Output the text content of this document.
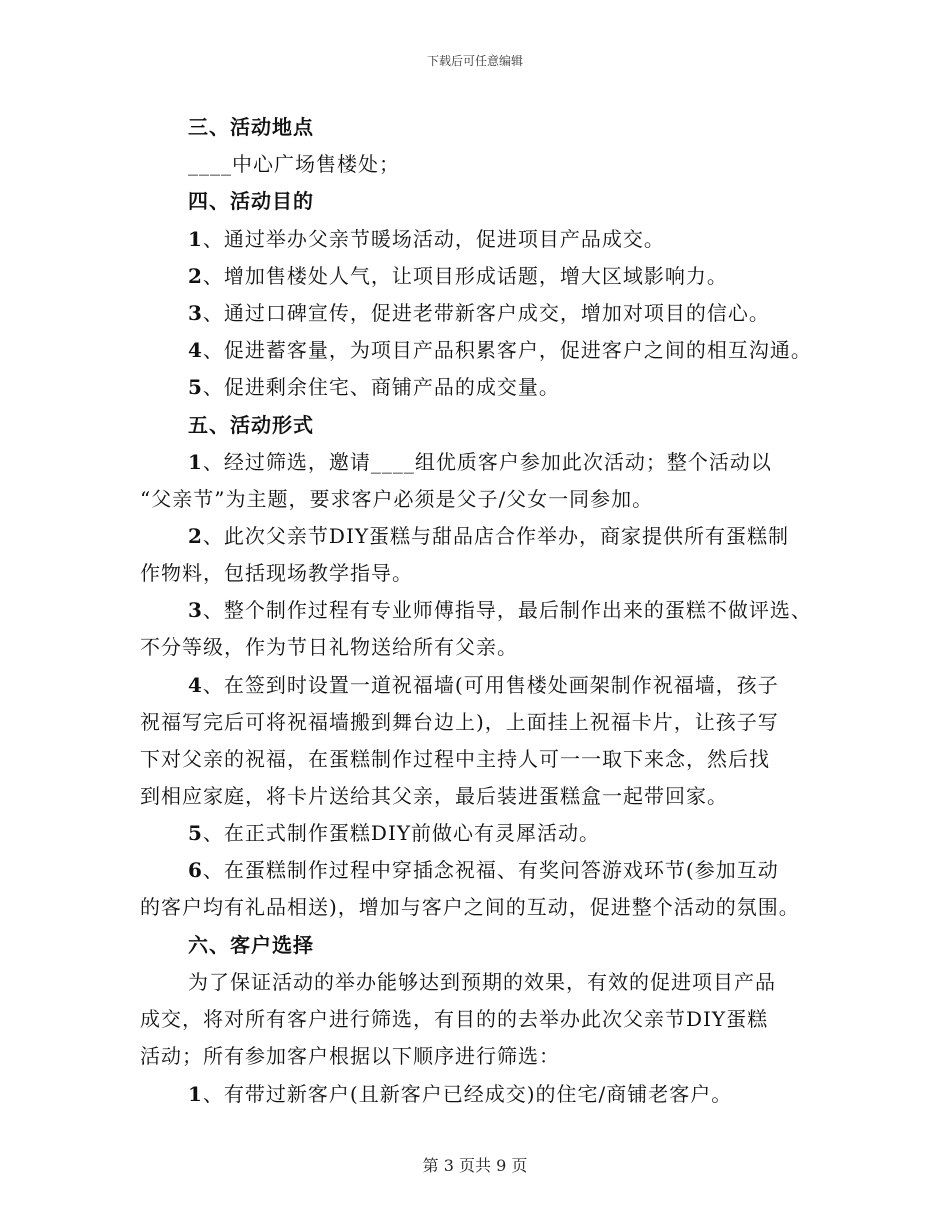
下载后可任意编辑
三、活动地点
____中心广场售楼处；
四、活动目的
1、通过举办父亲节暖场活动，促进项目产品成交。
2、增加售楼处人气，让项目形成话题，增大区域影响力。
3、通过口碑宣传，促进老带新客户成交，增加对项目的信心。
4、促进蓄客量，为项目产品积累客户，促进客户之间的相互沟通。
5、促进剩余住宅、商铺产品的成交量。
五、活动形式
1、经过筛选，邀请____组优质客户参加此次活动；整个活动以
“父亲节”为主题，要求客户必须是父子/父女一同参加。
2、此次父亲节DIY蛋糕与甜品店合作举办，商家提供所有蛋糕制
作物料，包括现场教学指导。
3、整个制作过程有专业师傅指导，最后制作出来的蛋糕不做评选、
不分等级，作为节日礼物送给所有父亲。
4、在签到时设置一道祝福墙(可用售楼处画架制作祝福墙，孩子
祝福写完后可将祝福墙搬到舞台边上)，上面挂上祝福卡片，让孩子写
下对父亲的祝福，在蛋糕制作过程中主持人可一一取下来念，然后找
到相应家庭，将卡片送给其父亲，最后装进蛋糕盒一起带回家。
5、在正式制作蛋糕DIY前做心有灵犀活动。
6、在蛋糕制作过程中穿插念祝福、有奖问答游戏环节(参加互动
的客户均有礼品相送)，增加与客户之间的互动，促进整个活动的氛围。
六、客户选择
为了保证活动的举办能够达到预期的效果，有效的促进项目产品
成交，将对所有客户进行筛选，有目的的去举办此次父亲节DIY蛋糕
活动；所有参加客户根据以下顺序进行筛选：
1、有带过新客户(且新客户已经成交)的住宅/商铺老客户。
第 3 页共 9 页
